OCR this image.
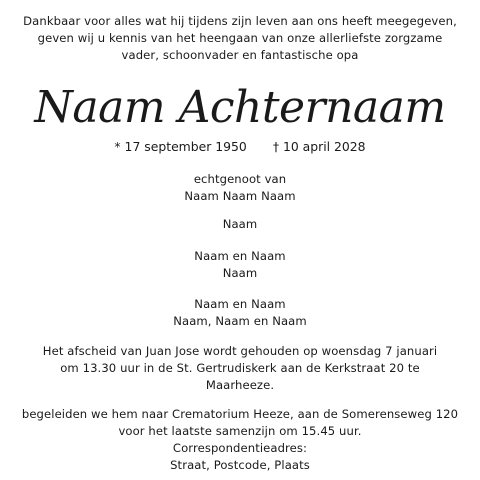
Dankbaar voor alles wat hij tijdens zijn leven aan ons heeft meegegeven,
geven wij u kennis van het heengaan van onze allerliefste zorgzame
vader, schoonvader en fantastische opa
Naam Achternaam
* 17 september 1950 † 10 april 2028
echtgenoot van
Naam Naam Naam
Naam
Naam en Naam
Naam
Naam en Naam
Naam, Naam en Naam
Het afscheid van Juan Jose wordt gehouden op woensdag 7 januari
om 13.30 uur in de St. Gertrudiskerk aan de Kerkstraat 20 te
Maarheeze.
begeleiden we hem naar Crematorium Heeze, aan de Somerenseweg 120
voor het laatste samenzijn om 15.45 uur.
Correspondentieadres:
Straat, Postcode, Plaats
